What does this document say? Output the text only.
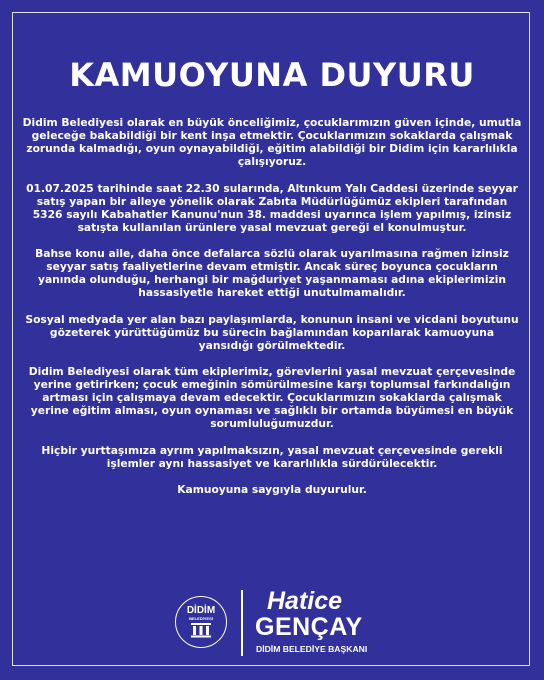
KAMUOYUNA DUYURU

Didim Belediyesi olarak en büyük önceliğimiz, çocuklarımızın güven içinde, umutla geleceğe bakabildiği bir kent inşa etmektir. Çocuklarımızın sokaklarda çalışmak zorunda kalmadığı, oyun oynayabildiği, eğitim alabildiği bir Didim için kararlılıkla çalışıyoruz.

01.07.2025 tarihinde saat 22.30 sularında, Altınkum Yalı Caddesi üzerinde seyyar satış yapan bir aileye yönelik olarak Zabıta Müdürlüğümüz ekipleri tarafından 5326 sayılı Kabahatler Kanunu'nun 38. maddesi uyarınca işlem yapılmış, izinsiz satışta kullanılan ürünlere yasal mevzuat gereği el konulmuştur.

Bahse konu aile, daha önce defalarca sözlü olarak uyarılmasına rağmen izinsiz seyyar satış faaliyetlerine devam etmiştir. Ancak süreç boyunca çocukların yanında olunduğu, herhangi bir mağduriyet yaşanmaması adına ekiplerimizin hassasiyetle hareket ettiği unutulmamalıdır.

Sosyal medyada yer alan bazı paylaşımlarda, konunun insani ve vicdani boyutunu gözeterek yürüttüğümüz bu sürecin bağlamından koparılarak kamuoyuna yansıdığı görülmektedir.

Didim Belediyesi olarak tüm ekiplerimiz, görevlerini yasal mevzuat çerçevesinde yerine getirirken; çocuk emeğinin sömürülmesine karşı toplumsal farkındalığın artması için çalışmaya devam edecektir. Çocuklarımızın sokaklarda çalışmak yerine eğitim alması, oyun oynaması ve sağlıklı bir ortamda büyümesi en büyük sorumluluğumuzdur.

Hiçbir yurttaşımıza ayrım yapılmaksızın, yasal mevzuat çerçevesinde gerekli işlemler aynı hassasiyet ve kararlılıkla sürdürülecektir.

Kamuoyuna saygıyla duyurulur.

DİDİM
BELEDİYESİ
Hatice
GENÇAY
DİDİM BELEDİYE BAŞKANI
